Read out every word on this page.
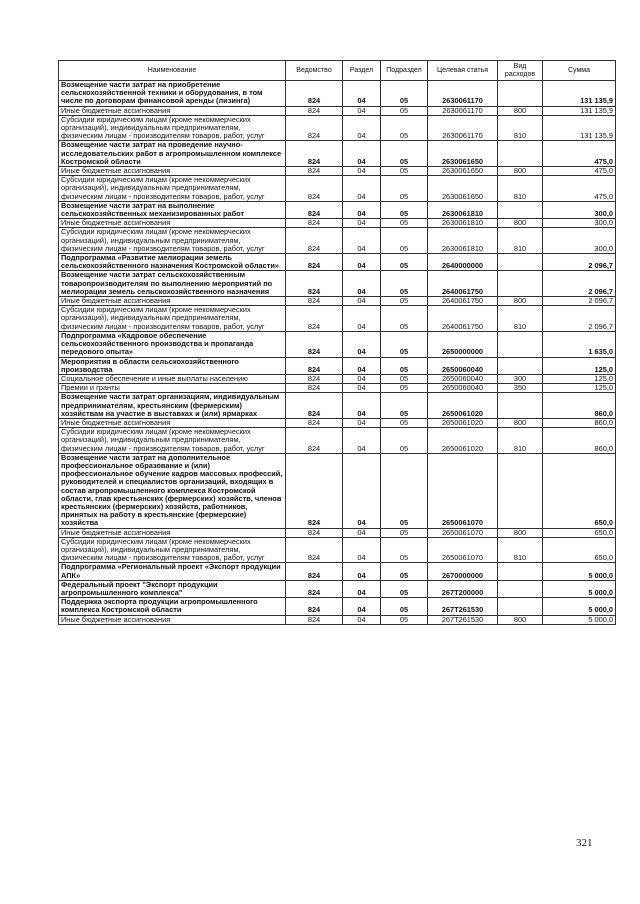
Наименование	Ведомство	Раздел	Подраздел	Целевая статья	Вид расходов	Сумма
Возмещение части затрат на приобретение сельскохозяйственной техники и оборудования, в том числе по договорам финансовой аренды (лизинга)	824	04	05	2630061170		131 135,9
Иные бюджетные ассигнования	824	04	05	2630061170	800	131 135,9
Субсидии юридическим лицам (кроме некоммерческих организаций), индивидуальным предпринимателям, физическим лицам - производителям товаров, работ, услуг	824	04	05	2630061170	810	131 135,9
Возмещение части затрат на проведение научно-исследовательских работ в агропромышленном комплексе Костромской области	824	04	05	2630061650		475,0
Иные бюджетные ассигнования	824	04	05	2630061650	800	475,0
Субсидии юридическим лицам (кроме некоммерческих организаций), индивидуальным предпринимателям, физическим лицам - производителям товаров, работ, услуг	824	04	05	2630061650	810	475,0
Возмещение части затрат на выполнение сельскохозяйственных механизированных работ	824	04	05	2630061810		300,0
Иные бюджетные ассигнования	824	04	05	2630061810	800	300,0
Субсидии юридическим лицам (кроме некоммерческих организаций), индивидуальным предпринимателям, физическим лицам - производителям товаров, работ, услуг	824	04	05	2630061810	810	300,0
Подпрограмма «Развитие мелиорации земель сельскохозяйственного назначения Костромской области»	824	04	05	2640000000		2 096,7
Возмещение части затрат сельскохозяйственным товаропроизводителям по выполнению мероприятий по мелиорации земель сельскохозяйственного назначения	824	04	05	2640061750		2 096,7
Иные бюджетные ассигнования	824	04	05	2640061750	800	2 096,7
Субсидии юридическим лицам (кроме некоммерческих организаций), индивидуальным предпринимателям, физическим лицам - производителям товаров, работ, услуг	824	04	05	2640061750	810	2 096,7
Подпрограмма «Кадровое обеспечение сельскохозяйственного производства и пропаганда передового опыта»	824	04	05	2650000000		1 635,0
Мероприятия в области сельскохозяйственного производства	824	04	05	2650060040		125,0
Социальное обеспечение и иные выплаты населению	824	04	05	2650060040	300	125,0
Премии и гранты	824	04	05	2650060040	350	125,0
Возмещение части затрат организациям, индивидуальным предпринимателям, крестьянским (фермерским) хозяйствам на участие в выставках и (или) ярмарках	824	04	05	2650061020		860,0
Иные бюджетные ассигнования	824	04	05	2650061020	800	860,0
Субсидии юридическим лицам (кроме некоммерческих организаций), индивидуальным предпринимателям, физическим лицам - производителям товаров, работ, услуг	824	04	05	2650061020	810	860,0
Возмещение части затрат на дополнительное профессиональное образование и (или) профессиональное обучение кадров массовых профессий, руководителей и специалистов организаций, входящих в состав агропромышленного комплекса Костромской области, глав крестьянских (фермерских) хозяйств, членов крестьянских (фермерских) хозяйств, работников, принятых на работу в крестьянские (фермерские) хозяйства	824	04	05	2650061070		650,0
Иные бюджетные ассигнования	824	04	05	2650061070	800	650,0
Субсидии юридическим лицам (кроме некоммерческих организаций), индивидуальным предпринимателям, физическим лицам - производителям товаров, работ, услуг	824	04	05	2650061070	810	650,0
Подпрограмма «Региональный проект «Экспорт продукции АПК»	824	04	05	2670000000		5 000,0
Федеральный проект "Экспорт продукции агропромышленного комплекса"	824	04	05	267T200000		5 000,0
Поддержка экспорта продукции агропромышленного комплекса Костромской области	824	04	05	267T261530		5 000,0
Иные бюджетные ассигнования	824	04	05	267T261530	800	5 000,0
321
